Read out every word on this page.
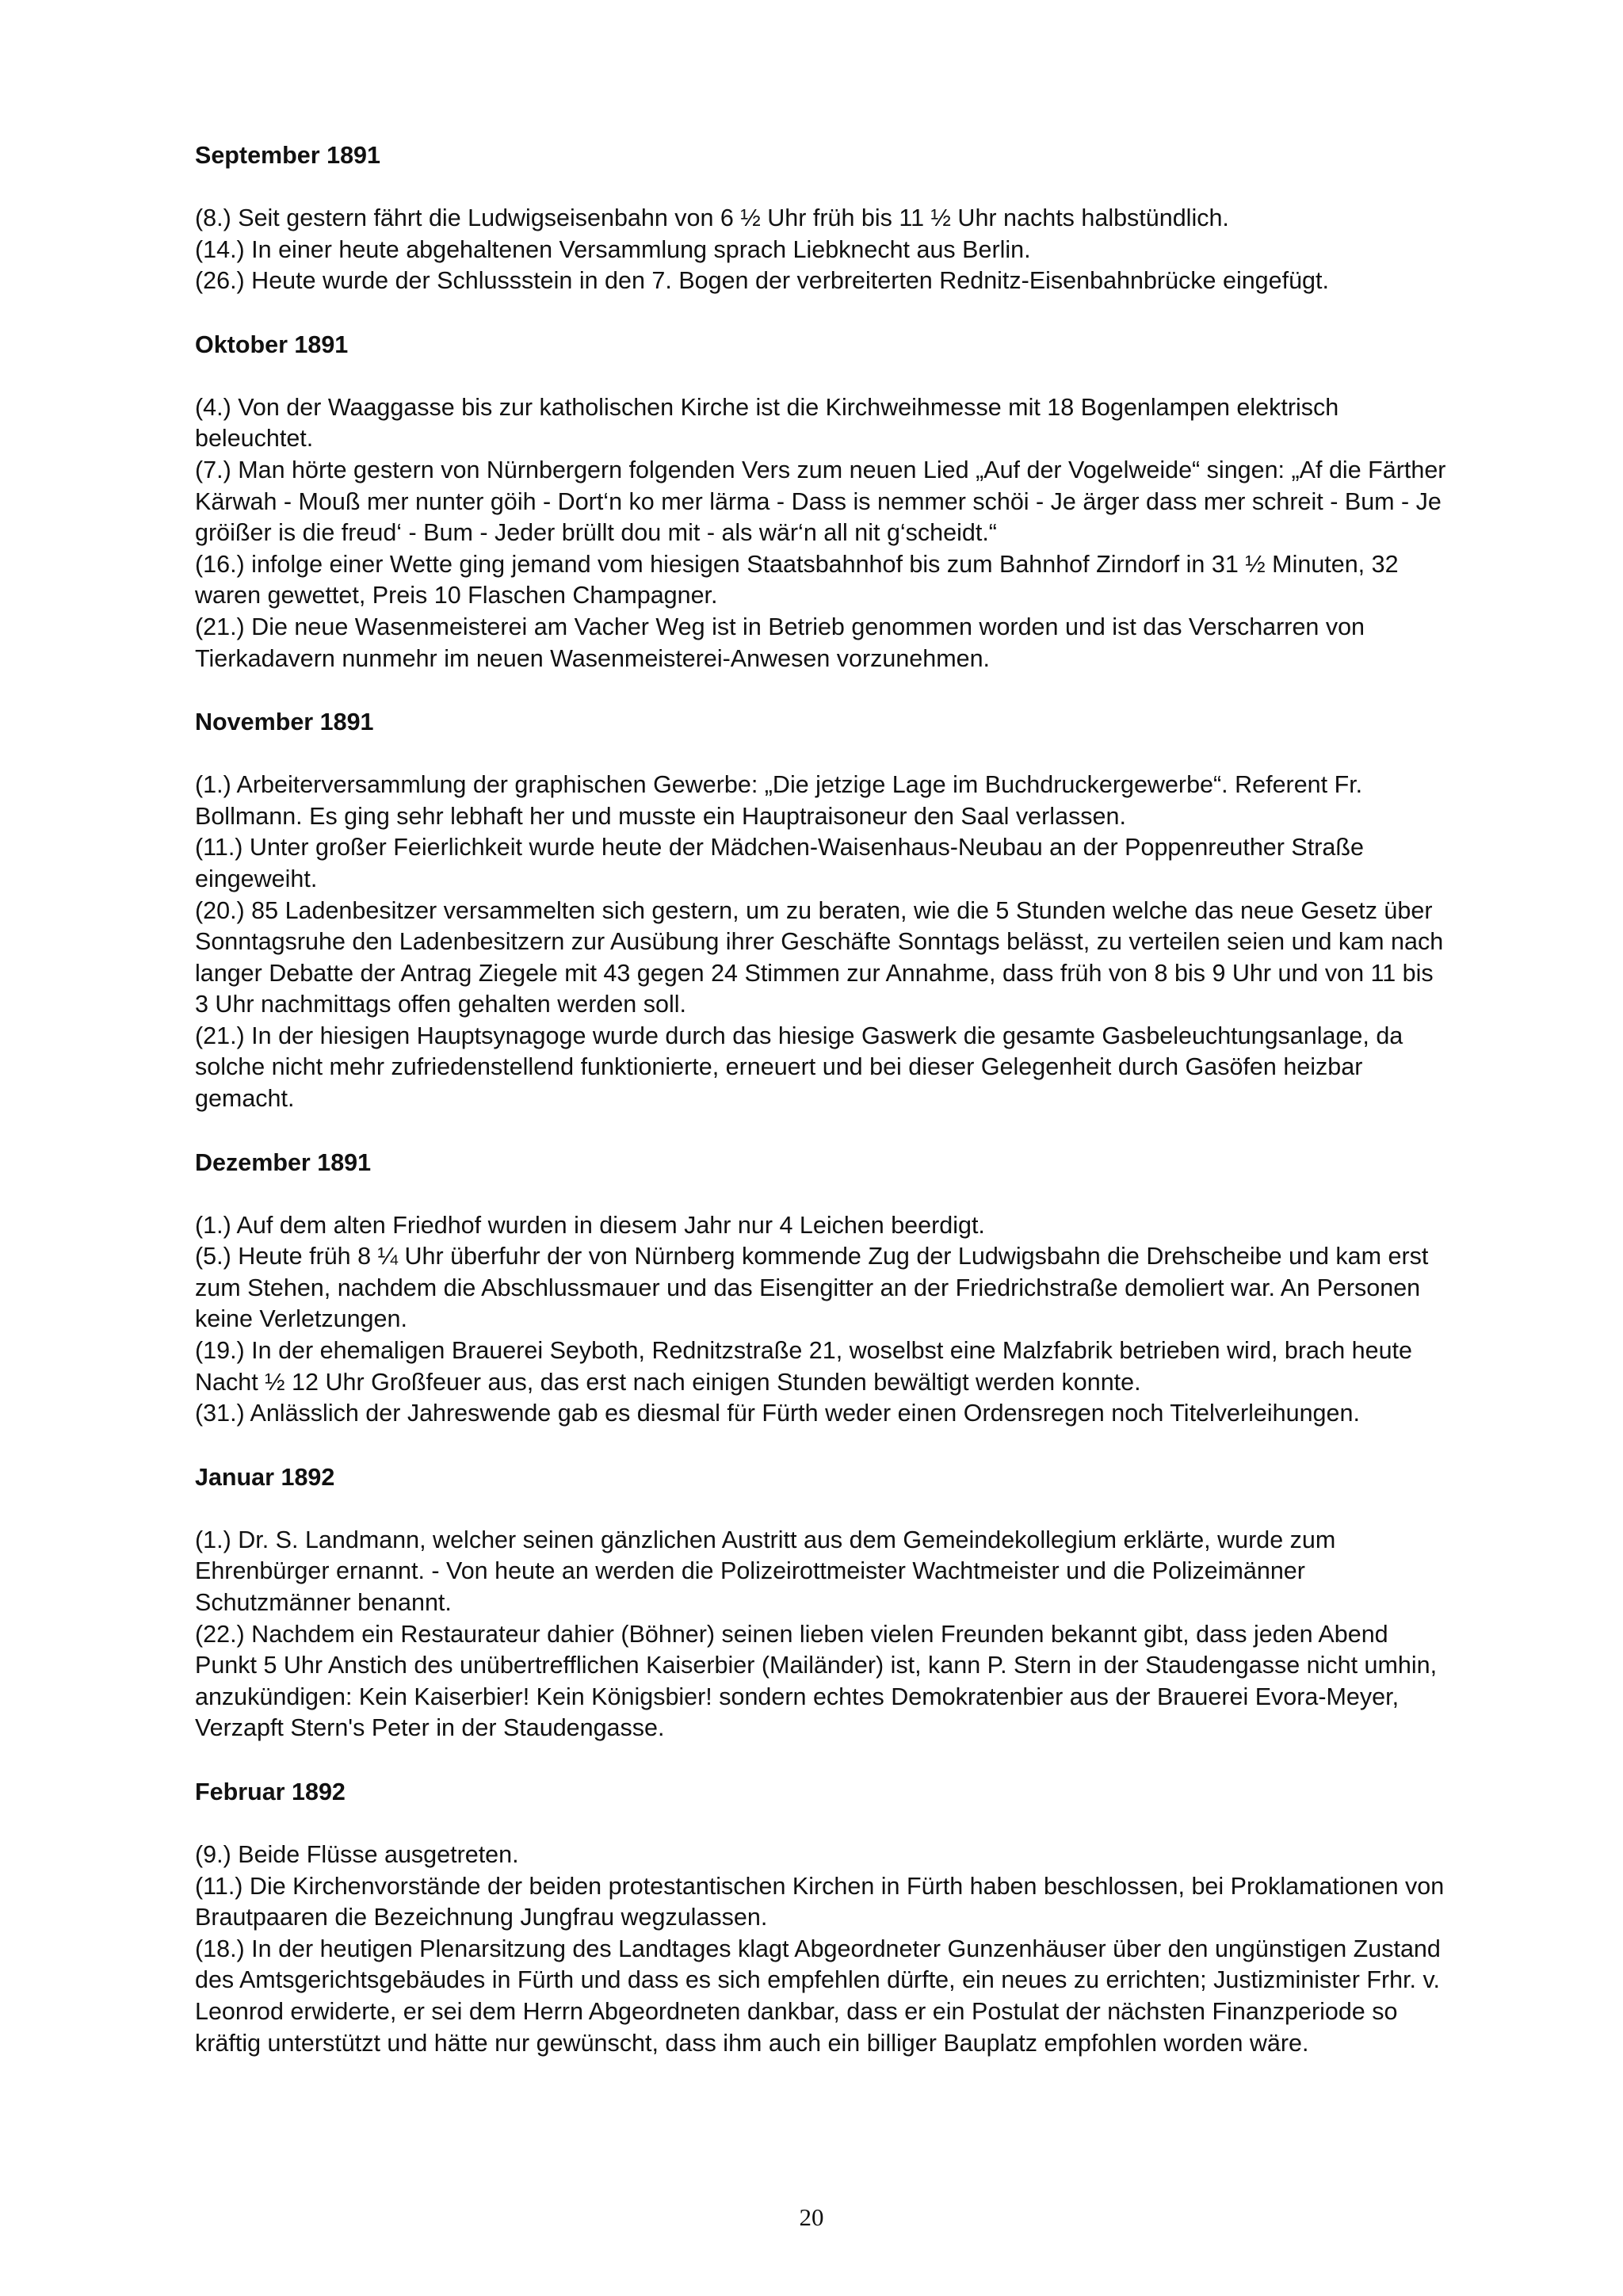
September 1891

(8.) Seit gestern fährt die Ludwigseisenbahn von 6 ½ Uhr früh bis 11 ½ Uhr nachts halbstündlich.

(14.) In einer heute abgehaltenen Versammlung sprach Liebknecht aus Berlin.

(26.) Heute wurde der Schlussstein in den 7. Bogen der verbreiterten Rednitz-Eisenbahnbrücke eingefügt.

Oktober 1891

(4.) Von der Waaggasse bis zur katholischen Kirche ist die Kirchweihmesse mit 18 Bogenlampen elektrisch beleuchtet.

(7.) Man hörte gestern von Nürnbergern folgenden Vers zum neuen Lied „Auf der Vogelweide“ singen: „Af die Färther Kärwah - Mouß mer nunter göih - Dort‘n ko mer lärma - Dass is nemmer schöi - Je ärger dass mer schreit - Bum - Je gröißer is die freud‘ - Bum - Jeder brüllt dou mit - als wär‘n all nit g‘scheidt.“

(16.) infolge einer Wette ging jemand vom hiesigen Staatsbahnhof bis zum Bahnhof Zirndorf in 31 ½ Minuten, 32 waren gewettet, Preis 10 Flaschen Champagner.

(21.) Die neue Wasenmeisterei am Vacher Weg ist in Betrieb genommen worden und ist das Verscharren von Tierkadavern nunmehr im neuen Wasenmeisterei-Anwesen vorzunehmen.

November 1891

(1.) Arbeiterversammlung der graphischen Gewerbe: „Die jetzige Lage im Buchdruckergewerbe“. Referent Fr. Bollmann. Es ging sehr lebhaft her und musste ein Hauptraisoneur den Saal verlassen.

(11.) Unter großer Feierlichkeit wurde heute der Mädchen-Waisenhaus-Neubau an der Poppenreuther Straße eingeweiht.

(20.) 85 Ladenbesitzer versammelten sich gestern, um zu beraten, wie die 5 Stunden welche das neue Gesetz über Sonntagsruhe den Ladenbesitzern zur Ausübung ihrer Geschäfte Sonntags belässt, zu verteilen seien und kam nach langer Debatte der Antrag Ziegele mit 43 gegen 24 Stimmen zur Annahme, dass früh von 8 bis 9 Uhr und von 11 bis 3 Uhr nachmittags offen gehalten werden soll.

(21.) In der hiesigen Hauptsynagoge wurde durch das hiesige Gaswerk die gesamte Gasbeleuchtungsanlage, da solche nicht mehr zufriedenstellend funktionierte, erneuert und bei dieser Gelegenheit durch Gasöfen heizbar gemacht.

Dezember 1891

(1.) Auf dem alten Friedhof wurden in diesem Jahr nur 4 Leichen beerdigt.

(5.) Heute früh 8 ¼ Uhr überfuhr der von Nürnberg kommende Zug der Ludwigsbahn die Drehscheibe und kam erst zum Stehen, nachdem die Abschlussmauer und das Eisengitter an der Friedrichstraße demoliert war. An Personen keine Verletzungen.

(19.) In der ehemaligen Brauerei Seyboth, Rednitzstraße 21, woselbst eine Malzfabrik betrieben wird, brach heute Nacht ½ 12 Uhr Großfeuer aus, das erst nach einigen Stunden bewältigt werden konnte.

(31.) Anlässlich der Jahreswende gab es diesmal für Fürth weder einen Ordensregen noch Titelverleihungen.

Januar 1892

(1.) Dr. S. Landmann, welcher seinen gänzlichen Austritt aus dem Gemeindekollegium erklärte, wurde zum Ehrenbürger ernannt. - Von heute an werden die Polizeirottmeister Wachtmeister und die Polizeimänner Schutzmänner benannt.

(22.) Nachdem ein Restaurateur dahier (Böhner) seinen lieben vielen Freunden bekannt gibt, dass jeden Abend Punkt 5 Uhr Anstich des unübertrefflichen Kaiserbier (Mailänder) ist, kann P. Stern in der Staudengasse nicht umhin, anzukündigen: Kein Kaiserbier! Kein Königsbier! sondern echtes Demokratenbier aus der Brauerei Evora-Meyer, Verzapft Stern's Peter in der Staudengasse.

Februar 1892

(9.) Beide Flüsse ausgetreten.

(11.) Die Kirchenvorstände der beiden protestantischen Kirchen in Fürth haben beschlossen, bei Proklamationen von Brautpaaren die Bezeichnung Jungfrau wegzulassen.

(18.) In der heutigen Plenarsitzung des Landtages klagt Abgeordneter Gunzenhäuser über den ungünstigen Zustand des Amtsgerichtsgebäudes in Fürth und dass es sich empfehlen dürfte, ein neues zu errichten; Justizminister Frhr. v. Leonrod erwiderte, er sei dem Herrn Abgeordneten dankbar, dass er ein Postulat der nächsten Finanzperiode so kräftig unterstützt und hätte nur gewünscht, dass ihm auch ein billiger Bauplatz empfohlen worden wäre.

20
